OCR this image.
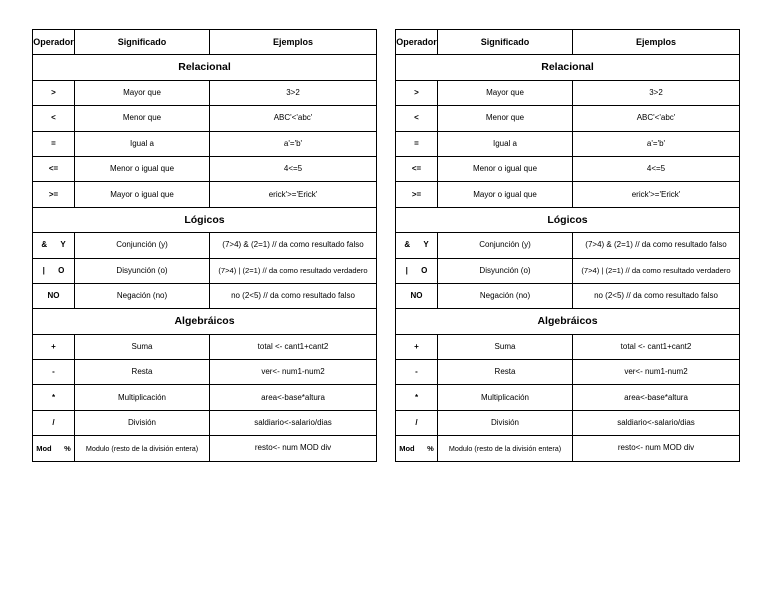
Operador	Significado	Ejemplos
Relacional		
>	Mayor que	3>2
<	Menor que	ABC'<'abc'
=	Igual a	a'='b'
<=	Menor o igual que	4<=5
>=	Mayor o igual que	erick'>='Erick'
Lógicos		
&      Y	Conjunción (y)	(7>4) & (2=1) // da como resultado falso
|      O	Disyunción (o)	(7>4) | (2=1) // da como resultado verdadero
NO	Negación (no)	no (2<5) // da como resultado falso
Algebráicos		
+	Suma	total <- cant1+cant2
-	Resta	ver<- num1-num2
*	Multiplicación	area<-base*altura
/	División	saldiario<-salario/dias
Mod      %	Modulo (resto de la división entera)	resto<- num MOD div
Operador	Significado	Ejemplos
Relacional		
>	Mayor que	3>2
<	Menor que	ABC'<'abc'
=	Igual a	a'='b'
<=	Menor o igual que	4<=5
>=	Mayor o igual que	erick'>='Erick'
Lógicos		
&      Y	Conjunción (y)	(7>4) & (2=1) // da como resultado falso
|      O	Disyunción (o)	(7>4) | (2=1) // da como resultado verdadero
NO	Negación (no)	no (2<5) // da como resultado falso
Algebráicos		
+	Suma	total <- cant1+cant2
-	Resta	ver<- num1-num2
*	Multiplicación	area<-base*altura
/	División	saldiario<-salario/dias
Mod      %	Modulo (resto de la división entera)	resto<- num MOD div
